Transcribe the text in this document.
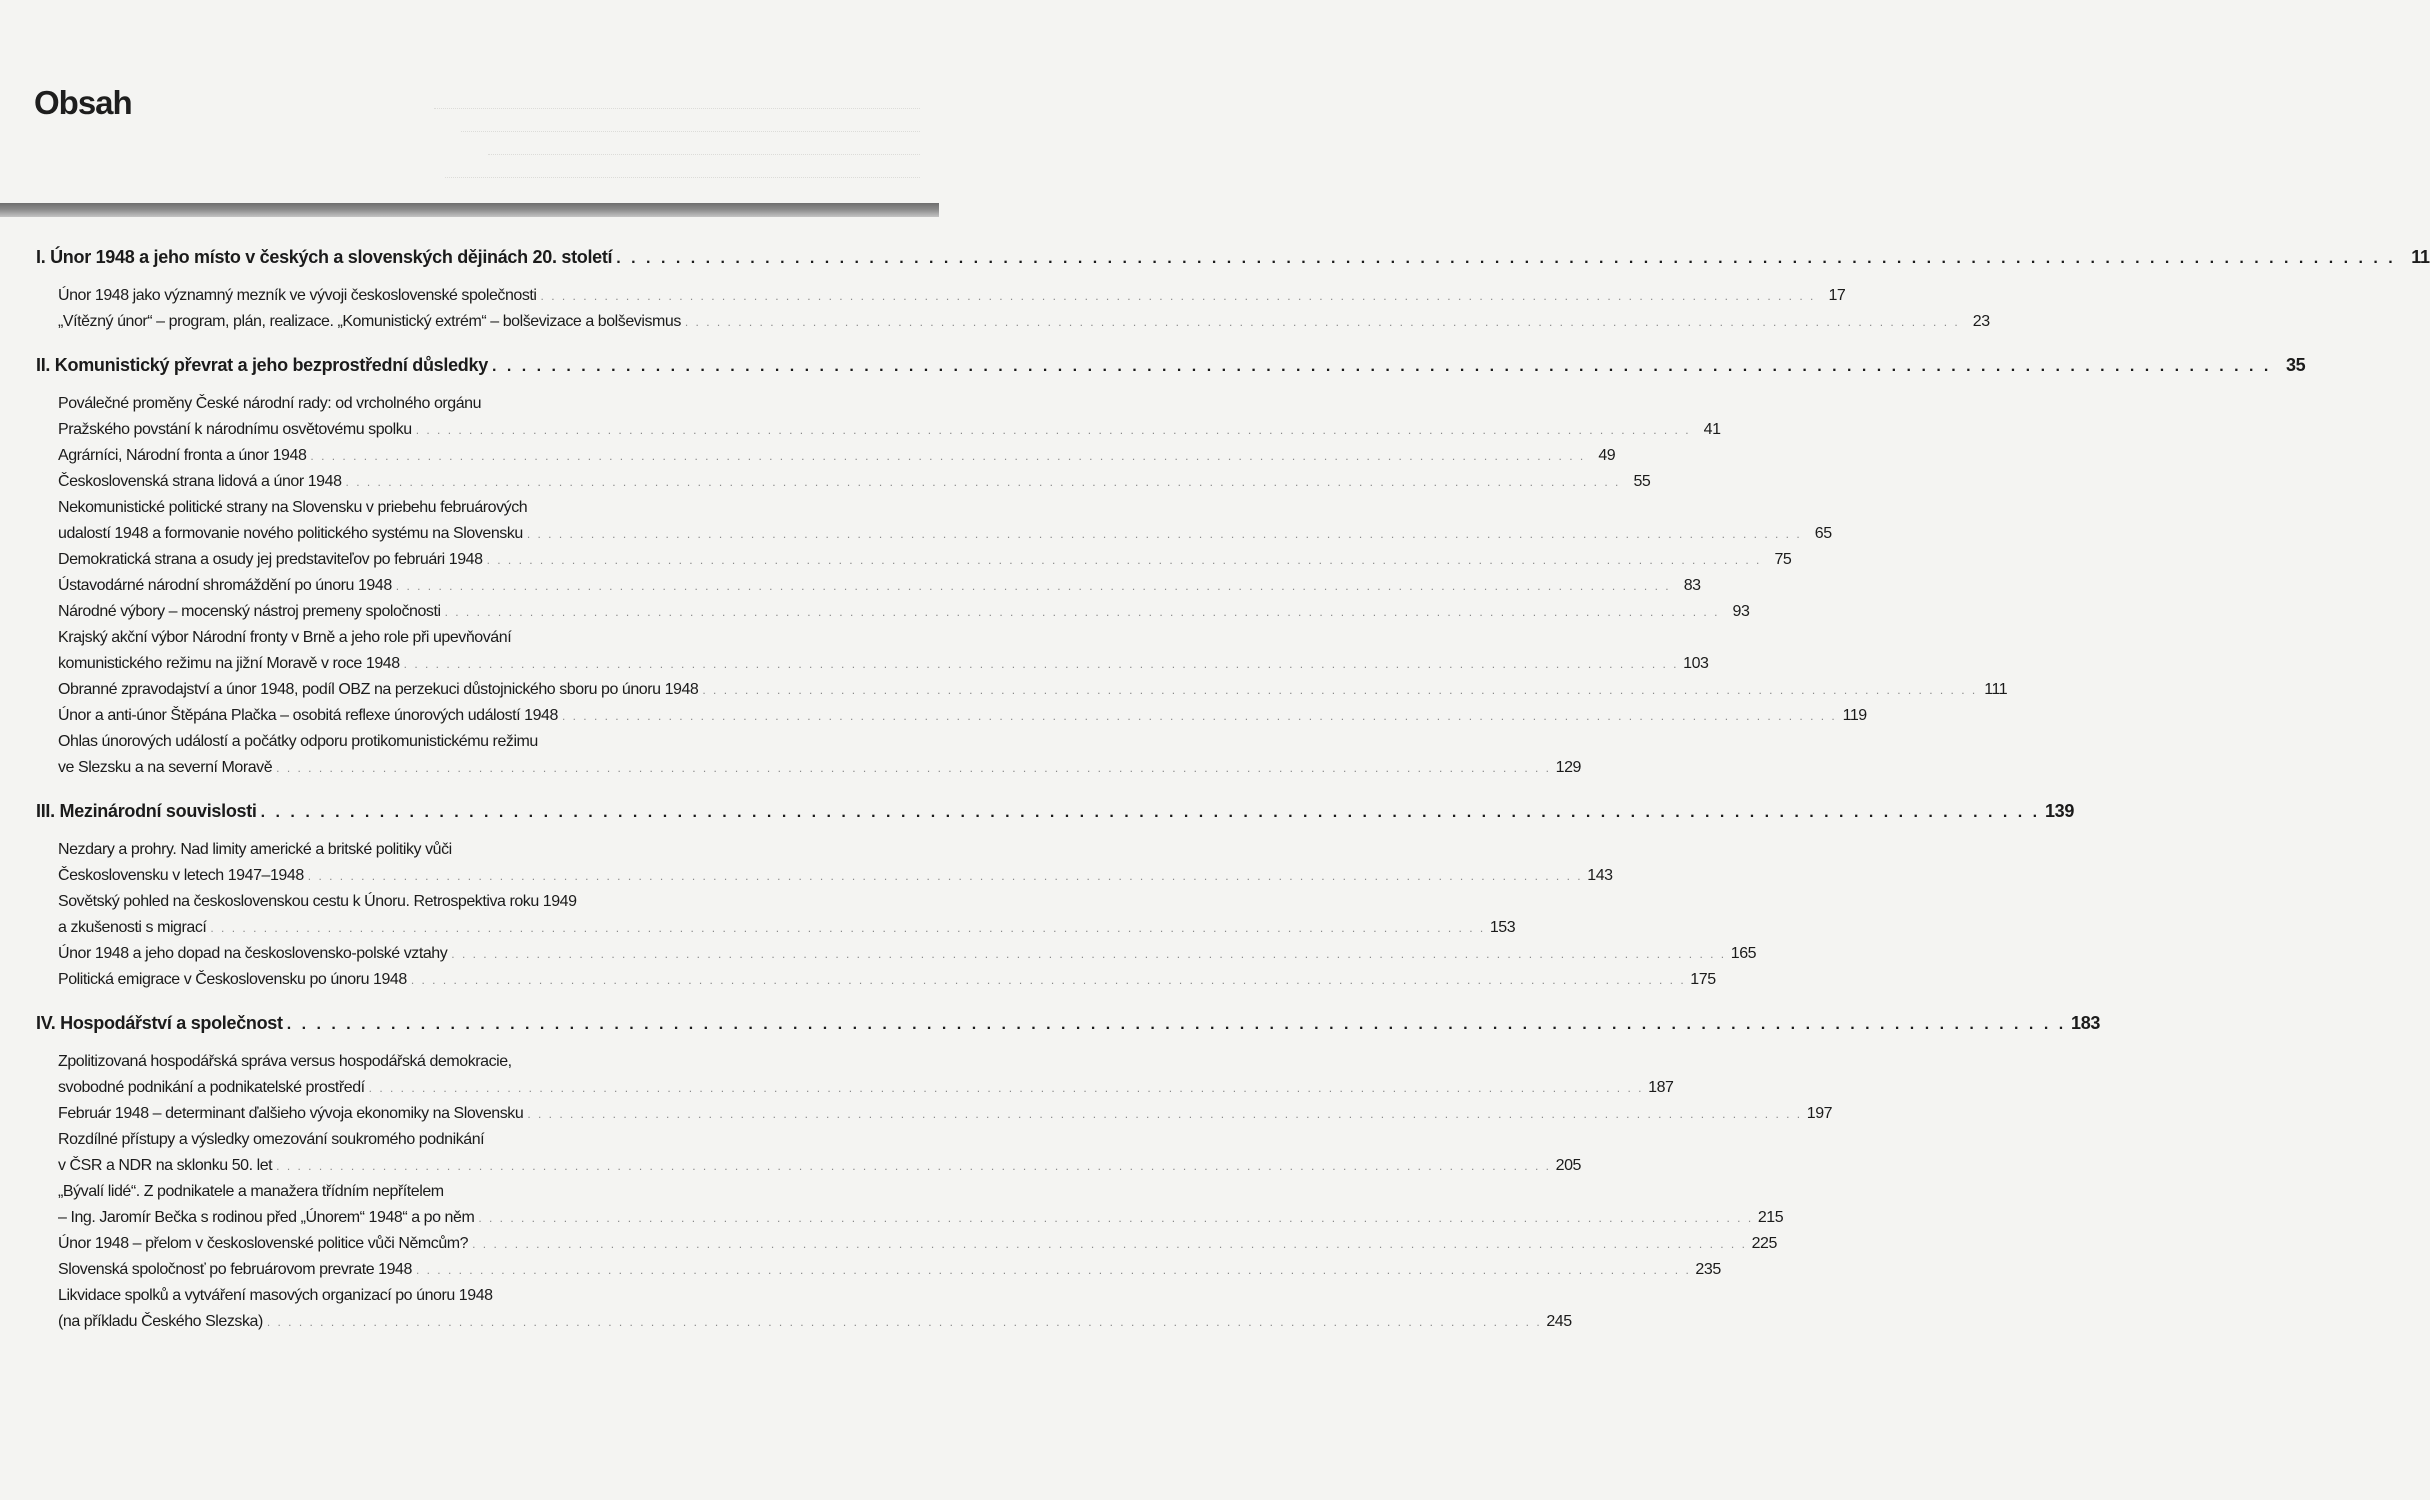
Obsah
I. Únor 1948 a jeho místo v českých a slovenských dějinách 20. století . . . . . . . . . . . . . . . . . . . . . . . . . . . . . . . . . . . . . . . . . . . . . . . . . . . . . . . . . . . . . . . . . . . . . . . . . . . . . . . . . . . . . . . . . . . . . . . . . . . . . . . . . . . . . . . . . . . . . . . . 11
Únor 1948 jako významný mezník ve vývoji československé společnosti . . . . . . . . . . . . . . . . . . . . . . . . . . . . . . . . . . . . . . . . . . . . . . . . . . . . . . . . . . . . . . . . . . . . . . . . . . . . . . . . . . . . . . . . . . . . . . . . . . . . . . . . . . . . . . . . . . . . . . . . 17
„Vítězný únor“ – program, plán, realizace. „Komunistický extrém“ – bolševizace a bolševismus . . . . . . . . . . . . . . . . . . . . . . . . . . . . . . . . . . . . . . . . . . . . . . . . . . . . . . . . . . . . . . . . . . . . . . . . . . . . . . . . . . . . . . . . . . . . . . . . . . . . . . . . . . . . . . . . . . . . . . . . 23
II. Komunistický převrat a jeho bezprostřední důsledky . . . . . . . . . . . . . . . . . . . . . . . . . . . . . . . . . . . . . . . . . . . . . . . . . . . . . . . . . . . . . . . . . . . . . . . . . . . . . . . . . . . . . . . . . . . . . . . . . . . . . . . . . . . . . . . . . . . . . . . . 35
Poválečné proměny České národní rady: od vrcholného orgánu
Pražského povstání k národnímu osvětovému spolku . . . . . . . . . . . . . . . . . . . . . . . . . . . . . . . . . . . . . . . . . . . . . . . . . . . . . . . . . . . . . . . . . . . . . . . . . . . . . . . . . . . . . . . . . . . . . . . . . . . . . . . . . . . . . . . . . . . . . . . . 41
Agrárníci, Národní fronta a únor 1948 . . . . . . . . . . . . . . . . . . . . . . . . . . . . . . . . . . . . . . . . . . . . . . . . . . . . . . . . . . . . . . . . . . . . . . . . . . . . . . . . . . . . . . . . . . . . . . . . . . . . . . . . . . . . . . . . . . . . . . . . 49
Československá strana lidová a únor 1948 . . . . . . . . . . . . . . . . . . . . . . . . . . . . . . . . . . . . . . . . . . . . . . . . . . . . . . . . . . . . . . . . . . . . . . . . . . . . . . . . . . . . . . . . . . . . . . . . . . . . . . . . . . . . . . . . . . . . . . . . 55
Nekomunistické politické strany na Slovensku v priebehu februárových
udalostí 1948 a formovanie nového politického systému na Slovensku . . . . . . . . . . . . . . . . . . . . . . . . . . . . . . . . . . . . . . . . . . . . . . . . . . . . . . . . . . . . . . . . . . . . . . . . . . . . . . . . . . . . . . . . . . . . . . . . . . . . . . . . . . . . . . . . . . . . . . . . 65
Demokratická strana a osudy jej predstaviteľov po februári 1948 . . . . . . . . . . . . . . . . . . . . . . . . . . . . . . . . . . . . . . . . . . . . . . . . . . . . . . . . . . . . . . . . . . . . . . . . . . . . . . . . . . . . . . . . . . . . . . . . . . . . . . . . . . . . . . . . . . . . . . . . 75
Ústavodárné národní shromáždění po únoru 1948 . . . . . . . . . . . . . . . . . . . . . . . . . . . . . . . . . . . . . . . . . . . . . . . . . . . . . . . . . . . . . . . . . . . . . . . . . . . . . . . . . . . . . . . . . . . . . . . . . . . . . . . . . . . . . . . . . . . . . . . . 83
Národné výbory – mocenský nástroj premeny spoločnosti . . . . . . . . . . . . . . . . . . . . . . . . . . . . . . . . . . . . . . . . . . . . . . . . . . . . . . . . . . . . . . . . . . . . . . . . . . . . . . . . . . . . . . . . . . . . . . . . . . . . . . . . . . . . . . . . . . . . . . . . 93
Krajský akční výbor Národní fronty v Brně a jeho role při upevňování
komunistického režimu na jižní Moravě v roce 1948 . . . . . . . . . . . . . . . . . . . . . . . . . . . . . . . . . . . . . . . . . . . . . . . . . . . . . . . . . . . . . . . . . . . . . . . . . . . . . . . . . . . . . . . . . . . . . . . . . . . . . . . . . . . . . . . . . . . . . . . . 103
Obranné zpravodajství a únor 1948, podíl OBZ na perzekuci důstojnického sboru po únoru 1948 . . . . . . . . . . . . . . . . . . . . . . . . . . . . . . . . . . . . . . . . . . . . . . . . . . . . . . . . . . . . . . . . . . . . . . . . . . . . . . . . . . . . . . . . . . . . . . . . . . . . . . . . . . . . . . . . . . . . . . . . 111
Únor a anti-únor Štěpána Plačka – osobitá reflexe únorových událostí 1948 . . . . . . . . . . . . . . . . . . . . . . . . . . . . . . . . . . . . . . . . . . . . . . . . . . . . . . . . . . . . . . . . . . . . . . . . . . . . . . . . . . . . . . . . . . . . . . . . . . . . . . . . . . . . . . . . . . . . . . . . 119
Ohlas únorových událostí a počátky odporu protikomunistickému režimu
ve Slezsku a na severní Moravě . . . . . . . . . . . . . . . . . . . . . . . . . . . . . . . . . . . . . . . . . . . . . . . . . . . . . . . . . . . . . . . . . . . . . . . . . . . . . . . . . . . . . . . . . . . . . . . . . . . . . . . . . . . . . . . . . . . . . . . . 129
III. Mezinárodní souvislosti . . . . . . . . . . . . . . . . . . . . . . . . . . . . . . . . . . . . . . . . . . . . . . . . . . . . . . . . . . . . . . . . . . . . . . . . . . . . . . . . . . . . . . . . . . . . . . . . . . . . . . . . . . . . . . . . . . . . . . . . 139
Nezdary a prohry. Nad limity americké a britské politiky vůči
Československu v letech 1947–1948 . . . . . . . . . . . . . . . . . . . . . . . . . . . . . . . . . . . . . . . . . . . . . . . . . . . . . . . . . . . . . . . . . . . . . . . . . . . . . . . . . . . . . . . . . . . . . . . . . . . . . . . . . . . . . . . . . . . . . . . . 143
Sovětský pohled na československou cestu k Únoru. Retrospektiva roku 1949
a zkušenosti s migrací . . . . . . . . . . . . . . . . . . . . . . . . . . . . . . . . . . . . . . . . . . . . . . . . . . . . . . . . . . . . . . . . . . . . . . . . . . . . . . . . . . . . . . . . . . . . . . . . . . . . . . . . . . . . . . . . . . . . . . . . 153
Únor 1948 a jeho dopad na československo-polské vztahy . . . . . . . . . . . . . . . . . . . . . . . . . . . . . . . . . . . . . . . . . . . . . . . . . . . . . . . . . . . . . . . . . . . . . . . . . . . . . . . . . . . . . . . . . . . . . . . . . . . . . . . . . . . . . . . . . . . . . . . . 165
Politická emigrace v Československu po únoru 1948 . . . . . . . . . . . . . . . . . . . . . . . . . . . . . . . . . . . . . . . . . . . . . . . . . . . . . . . . . . . . . . . . . . . . . . . . . . . . . . . . . . . . . . . . . . . . . . . . . . . . . . . . . . . . . . . . . . . . . . . . 175
IV. Hospodářství a společnost . . . . . . . . . . . . . . . . . . . . . . . . . . . . . . . . . . . . . . . . . . . . . . . . . . . . . . . . . . . . . . . . . . . . . . . . . . . . . . . . . . . . . . . . . . . . . . . . . . . . . . . . . . . . . . . . . . . . . . . . 183
Zpolitizovaná hospodářská správa versus hospodářská demokracie,
svobodné podnikání a podnikatelské prostředí . . . . . . . . . . . . . . . . . . . . . . . . . . . . . . . . . . . . . . . . . . . . . . . . . . . . . . . . . . . . . . . . . . . . . . . . . . . . . . . . . . . . . . . . . . . . . . . . . . . . . . . . . . . . . . . . . . . . . . . . 187
Február 1948 – determinant ďalšieho vývoja ekonomiky na Slovensku . . . . . . . . . . . . . . . . . . . . . . . . . . . . . . . . . . . . . . . . . . . . . . . . . . . . . . . . . . . . . . . . . . . . . . . . . . . . . . . . . . . . . . . . . . . . . . . . . . . . . . . . . . . . . . . . . . . . . . . . 197
Rozdílné přístupy a výsledky omezování soukromého podnikání
v ČSR a NDR na sklonku 50. let . . . . . . . . . . . . . . . . . . . . . . . . . . . . . . . . . . . . . . . . . . . . . . . . . . . . . . . . . . . . . . . . . . . . . . . . . . . . . . . . . . . . . . . . . . . . . . . . . . . . . . . . . . . . . . . . . . . . . . . . 205
„Bývalí lidé“. Z podnikatele a manažera třídním nepřítelem
– Ing. Jaromír Bečka s rodinou před „Únorem“ 1948“ a po něm . . . . . . . . . . . . . . . . . . . . . . . . . . . . . . . . . . . . . . . . . . . . . . . . . . . . . . . . . . . . . . . . . . . . . . . . . . . . . . . . . . . . . . . . . . . . . . . . . . . . . . . . . . . . . . . . . . . . . . . . 215
Únor 1948 – přelom v československé politice vůči Němcům? . . . . . . . . . . . . . . . . . . . . . . . . . . . . . . . . . . . . . . . . . . . . . . . . . . . . . . . . . . . . . . . . . . . . . . . . . . . . . . . . . . . . . . . . . . . . . . . . . . . . . . . . . . . . . . . . . . . . . . . . 225
Slovenská spoločnosť po februárovom prevrate 1948 . . . . . . . . . . . . . . . . . . . . . . . . . . . . . . . . . . . . . . . . . . . . . . . . . . . . . . . . . . . . . . . . . . . . . . . . . . . . . . . . . . . . . . . . . . . . . . . . . . . . . . . . . . . . . . . . . . . . . . . . 235
Likvidace spolků a vytváření masových organizací po únoru 1948
(na příkladu Českého Slezska) . . . . . . . . . . . . . . . . . . . . . . . . . . . . . . . . . . . . . . . . . . . . . . . . . . . . . . . . . . . . . . . . . . . . . . . . . . . . . . . . . . . . . . . . . . . . . . . . . . . . . . . . . . . . . . . . . . . . . . . . 245
